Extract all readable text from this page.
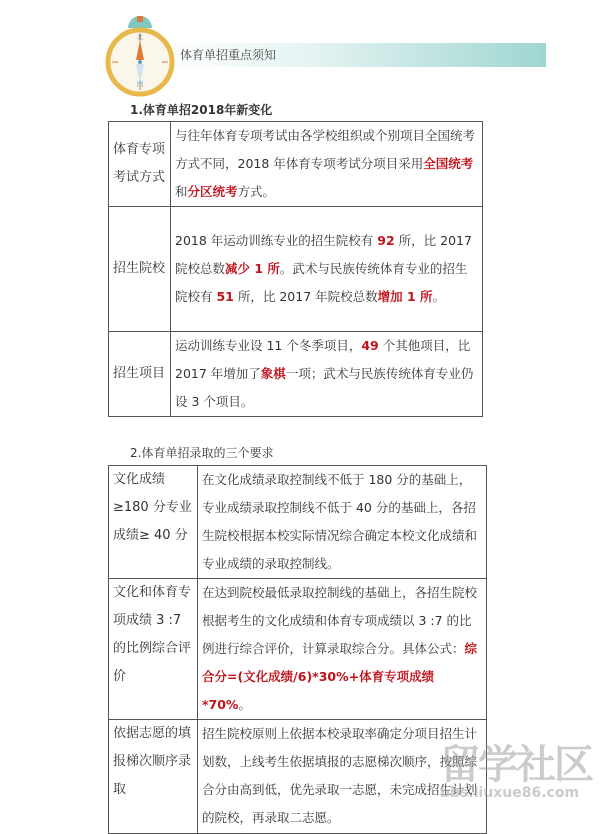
北
南
体育单招重点须知
1.体育单招2018年新变化
体育专项考试方式	与往年体育专项考试由各学校组织或个别项目全国统考方式不同，2018 年体育专项考试分项目采用全国统考和分区统考方式。
招生院校	2018 年运动训练专业的招生院校有 92 所，比 2017 院校总数减少 1 所。武术与民族传统体育专业的招生院校有 51 所，比 2017 年院校总数增加 1 所。
招生项目	运动训练专业设 11 个冬季项目，49 个其他项目，比 2017 年增加了象棋一项；武术与民族传统体育专业仍设 3 个项目。
2.体育单招录取的三个要求
文化成绩≥180 分专业成绩≥ 40 分	在文化成绩录取控制线不低于 180 分的基础上，专业成绩录取控制线不低于 40 分的基础上，各招生院校根据本校实际情况综合确定本校文化成绩和专业成绩的录取控制线。
文化和体育专项成绩 3 :7 的比例综合评价	在达到院校最低录取控制线的基础上，各招生院校根据考生的文化成绩和体育专项成绩以 3 :7 的比例进行综合评价，计算录取综合分。具体公式：综合分=(文化成绩/6)*30%+体育专项成绩*70%。
依据志愿的填报梯次顺序录取	招生院校原则上依据本校录取率确定分项目招生计划数，上线考生依据填报的志愿梯次顺序，按照综合分由高到低，优先录取一志愿，未完成招生计划的院校，再录取二志愿。
留学社区
bbs.liuxue86.com
